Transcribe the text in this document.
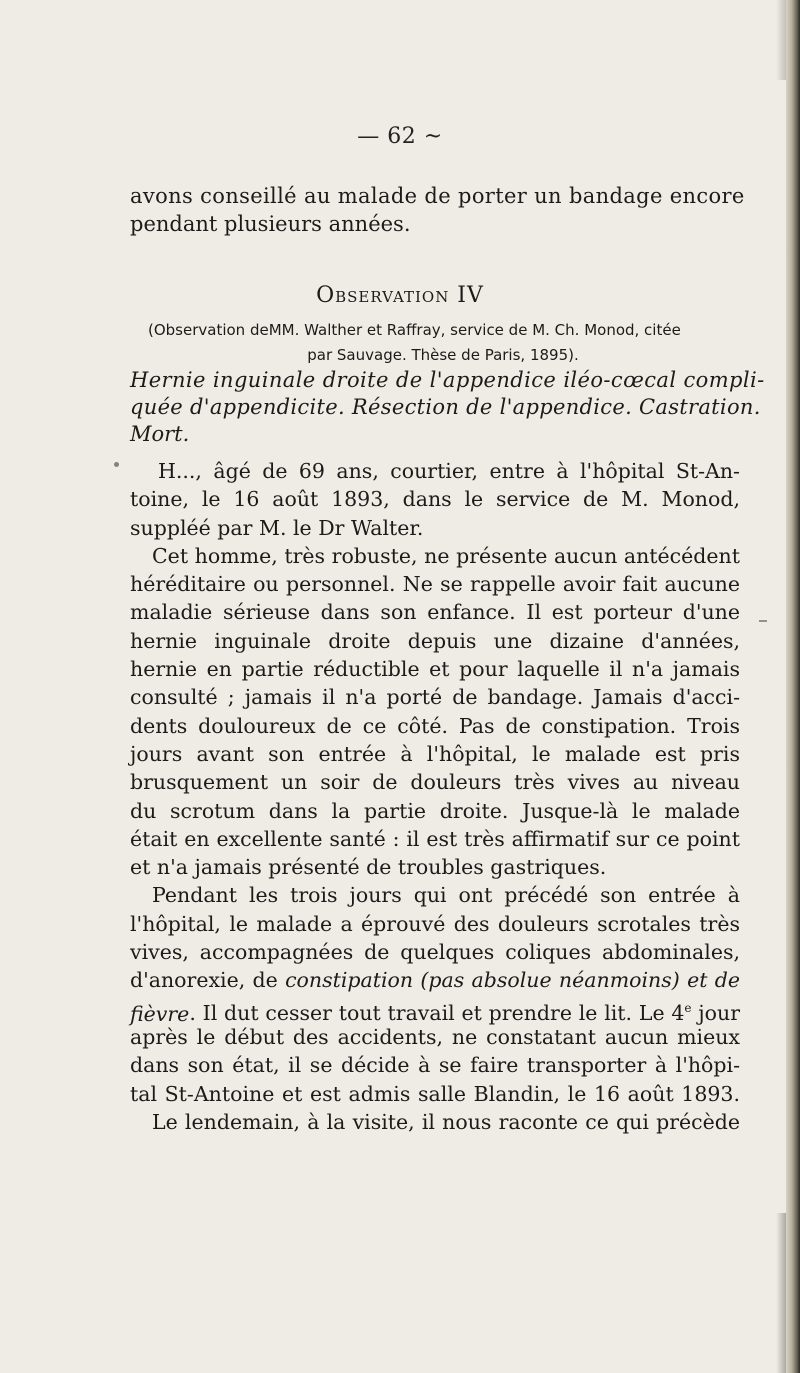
— 62 ~
avons conseillé au malade de porter un bandage encore
pendant plusieurs années.
Observation IV
(Observation deMM. Walther et Raffray, service de M. Ch. Monod, citée
par Sauvage. Thèse de Paris, 1895).
Hernie inguinale droite de l'appendice iléo-cœcal compli-
quée d'appendicite. Résection de l'appendice. Castration.
Mort.
H..., âgé de 69 ans, courtier, entre à l'hôpital St-An-
toine, le 16 août 1893, dans le service de M. Monod,
suppléé par M. le Dr Walter.
Cet homme, très robuste, ne présente aucun antécédent
héréditaire ou personnel. Ne se rappelle avoir fait aucune
maladie sérieuse dans son enfance. Il est porteur d'une
hernie inguinale droite depuis une dizaine d'années,
hernie en partie réductible et pour laquelle il n'a jamais
consulté ; jamais il n'a porté de bandage. Jamais d'acci-
dents douloureux de ce côté. Pas de constipation. Trois
jours avant son entrée à l'hôpital, le malade est pris
brusquement un soir de douleurs très vives au niveau
du scrotum dans la partie droite. Jusque-là le malade
était en excellente santé : il est très affirmatif sur ce point
et n'a jamais présenté de troubles gastriques.
Pendant les trois jours qui ont précédé son entrée à
l'hôpital, le malade a éprouvé des douleurs scrotales très
vives, accompagnées de quelques coliques abdominales,
d'anorexie, de constipation (pas absolue néanmoins) et de
fièvre. Il dut cesser tout travail et prendre le lit. Le 4e jour
après le début des accidents, ne constatant aucun mieux
dans son état, il se décide à se faire transporter à l'hôpi-
tal St-Antoine et est admis salle Blandin, le 16 août 1893.
Le lendemain, à la visite, il nous raconte ce qui précède
